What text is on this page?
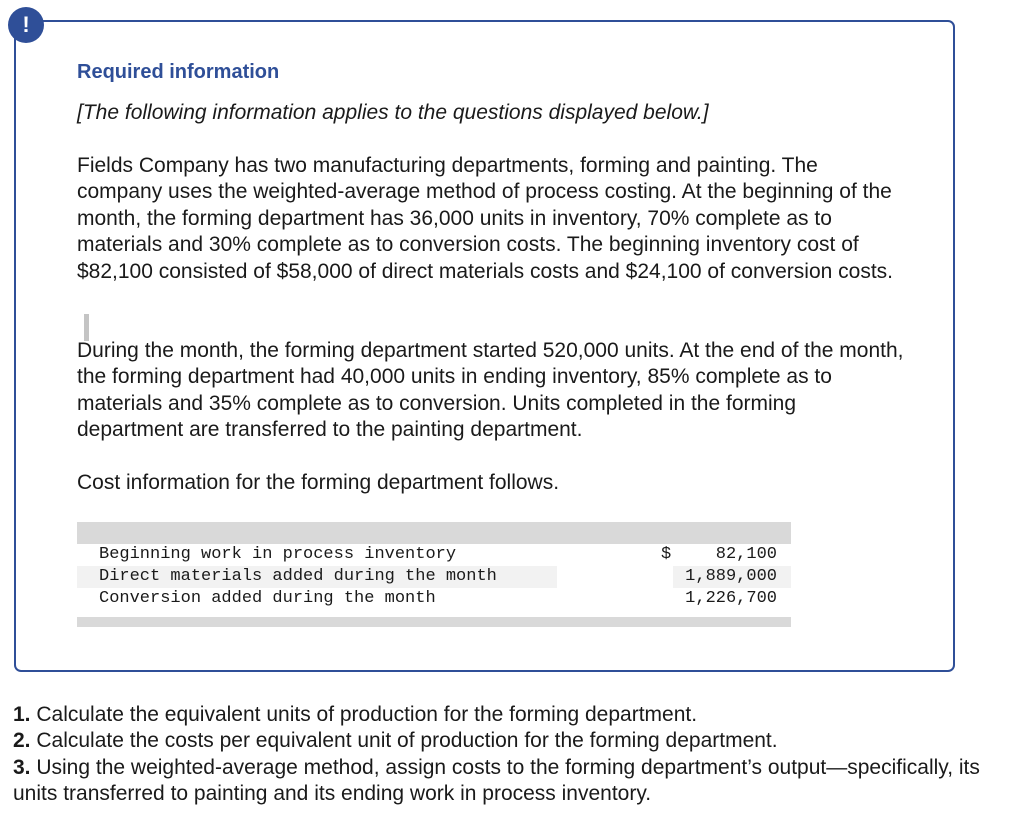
!
Required information

[The following information applies to the questions displayed below.]

Fields Company has two manufacturing departments, forming and painting. The company uses the weighted-average method of process costing. At the beginning of the month, the forming department has 36,000 units in inventory, 70% complete as to materials and 30% complete as to conversion costs. The beginning inventory cost of $82,100 consisted of $58,000 of direct materials costs and $24,100 of conversion costs.

During the month, the forming department started 520,000 units. At the end of the month, the forming department had 40,000 units in ending inventory, 85% complete as to materials and 35% complete as to conversion. Units completed in the forming department are transferred to the painting department.

Cost information for the forming department follows.

Beginning work in process inventory	$	82,100
Direct materials added during the month	1,889,000
Conversion added during the month	1,226,700

1. Calculate the equivalent units of production for the forming department.

2. Calculate the costs per equivalent unit of production for the forming department.

3. Using the weighted-average method, assign costs to the forming department’s output—specifically, its units transferred to painting and its ending work in process inventory.
